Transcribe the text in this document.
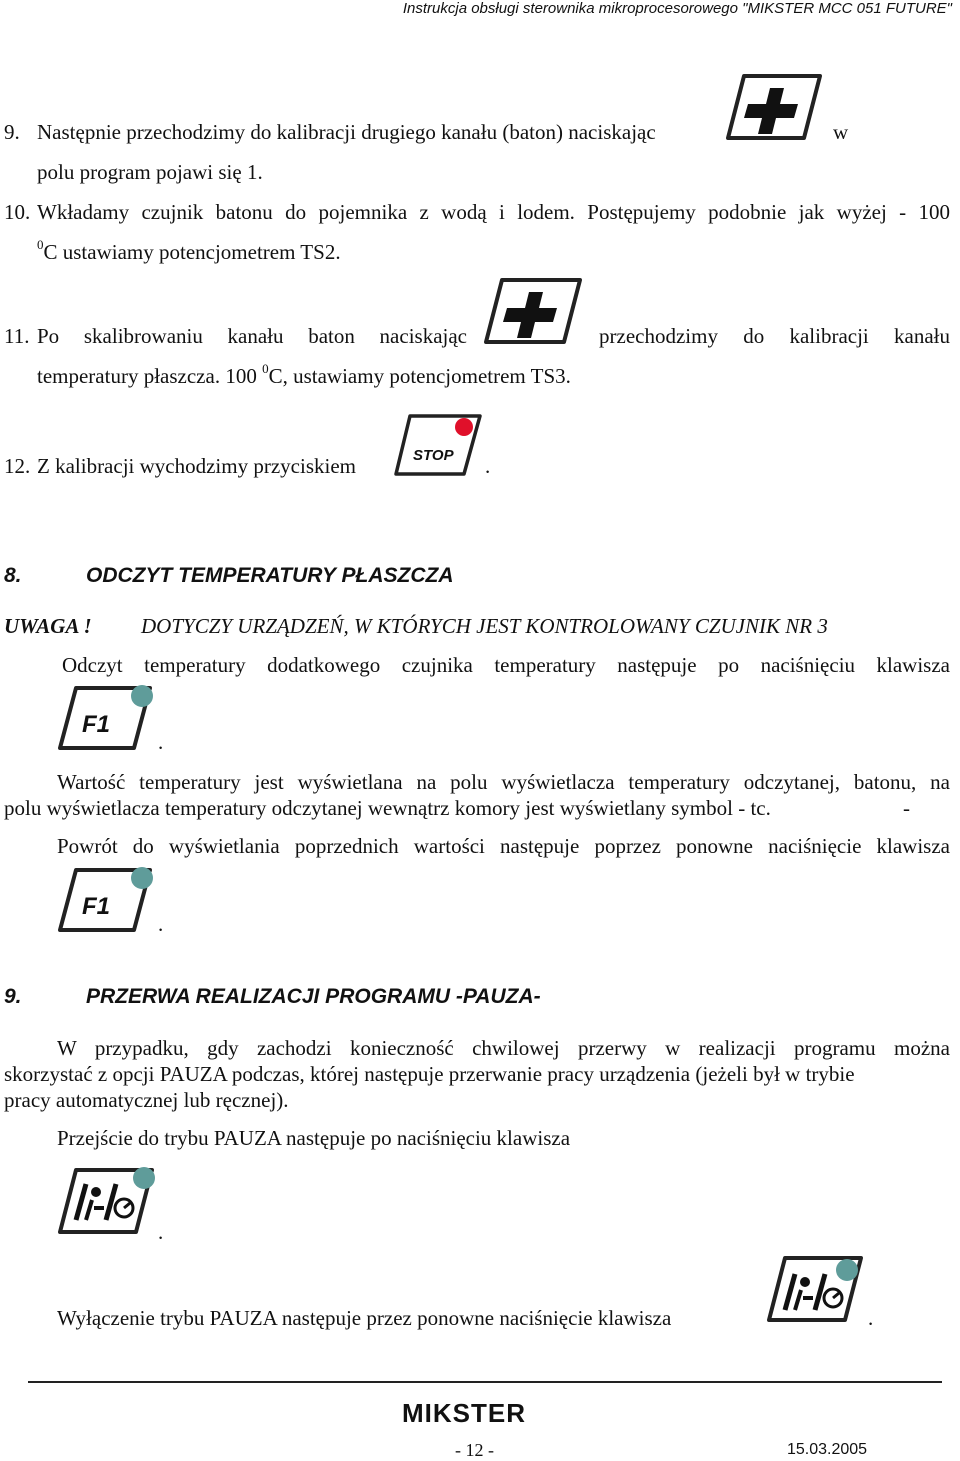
Instrukcja obsługi sterownika mikroprocesorowego "MIKSTER MCC 051 FUTURE"
9. Następnie przechodzimy do kalibracji drugiego kanału (baton) naciskając	w
polu program pojawi się 1.
10. Wkładamy czujnik batonu do pojemnika z wodą i lodem. Postępujemy podobnie jak wyżej - 100
$^0$C ustawiamy potencjometrem TS2.
11. Po skalibrowaniu kanału baton naciskając	przechodzimy do kalibracji kanału
temperatury płaszcza. 100 $^0$C, ustawiamy potencjometrem TS3.
12. Z kalibracji wychodzimy przyciskiem	STOP .
8.	ODCZYT TEMPERATURY PŁASZCZA
UWAGA ! DOTYCZY URZĄDZEŃ, W KTÓRYCH JEST KONTROLOWANY CZUJNIK NR 3
Odczyt temperatury dodatkowego czujnika temperatury następuje po naciśnięciu klawisza
F1
.
Wartość temperatury jest wyświetlana na polu wyświetlacza temperatury odczytanej, batonu, na
polu wyświetlacza temperatury odczytanej wewnątrz komory jest wyświetlany symbol - tc.	-
Powrót do wyświetlania poprzednich wartości następuje poprzez ponowne naciśnięcie klawisza
F1
.
9.	PRZERWA REALIZACJI PROGRAMU -PAUZA-
W przypadku, gdy zachodzi konieczność chwilowej przerwy w realizacji programu można
skorzystać z opcji PAUZA podczas, której następuje przerwanie pracy urządzenia (jeżeli był w trybie
pracy automatycznej lub ręcznej).
Przejście do trybu PAUZA następuje po naciśnięciu klawisza
.
Wyłączenie trybu PAUZA następuje przez ponowne naciśnięcie klawisza	.
MIKSTER
- 12 -	15.03.2005
